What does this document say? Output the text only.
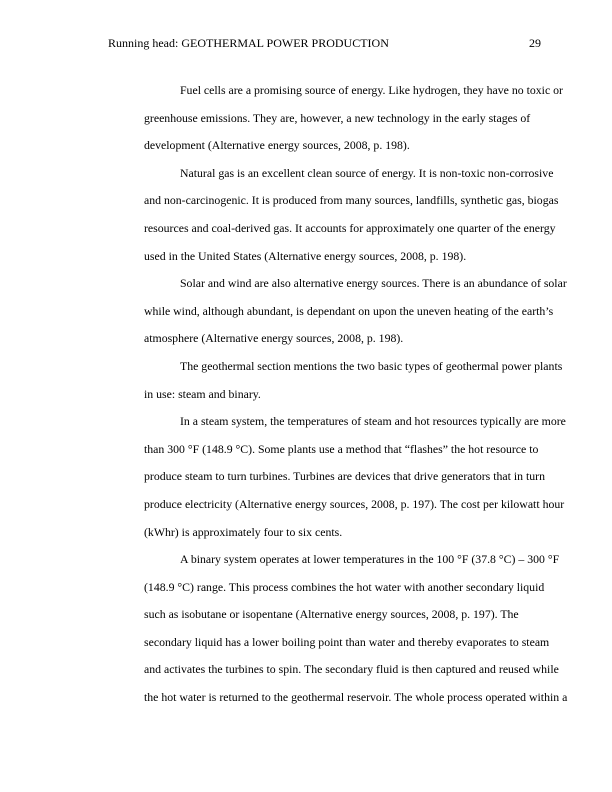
Running head: GEOTHERMAL POWER PRODUCTION	29
Fuel cells are a promising source of energy. Like hydrogen, they have no toxic or
greenhouse emissions. They are, however, a new technology in the early stages of
development (Alternative energy sources, 2008, p. 198).
Natural gas is an excellent clean source of energy. It is non-toxic non-corrosive
and non-carcinogenic. It is produced from many sources, landfills, synthetic gas, biogas
resources and coal-derived gas. It accounts for approximately one quarter of the energy
used in the United States (Alternative energy sources, 2008, p. 198).
Solar and wind are also alternative energy sources. There is an abundance of solar
while wind, although abundant, is dependant on upon the uneven heating of the earth’s
atmosphere (Alternative energy sources, 2008, p. 198).
The geothermal section mentions the two basic types of geothermal power plants
in use: steam and binary.
In a steam system, the temperatures of steam and hot resources typically are more
than 300 °F (148.9 °C). Some plants use a method that “flashes” the hot resource to
produce steam to turn turbines. Turbines are devices that drive generators that in turn
produce electricity (Alternative energy sources, 2008, p. 197). The cost per kilowatt hour
(kWhr) is approximately four to six cents.
A binary system operates at lower temperatures in the 100 °F (37.8 °C) – 300 °F
(148.9 °C) range. This process combines the hot water with another secondary liquid
such as isobutane or isopentane (Alternative energy sources, 2008, p. 197). The
secondary liquid has a lower boiling point than water and thereby evaporates to steam
and activates the turbines to spin. The secondary fluid is then captured and reused while
the hot water is returned to the geothermal reservoir. The whole process operated within a
